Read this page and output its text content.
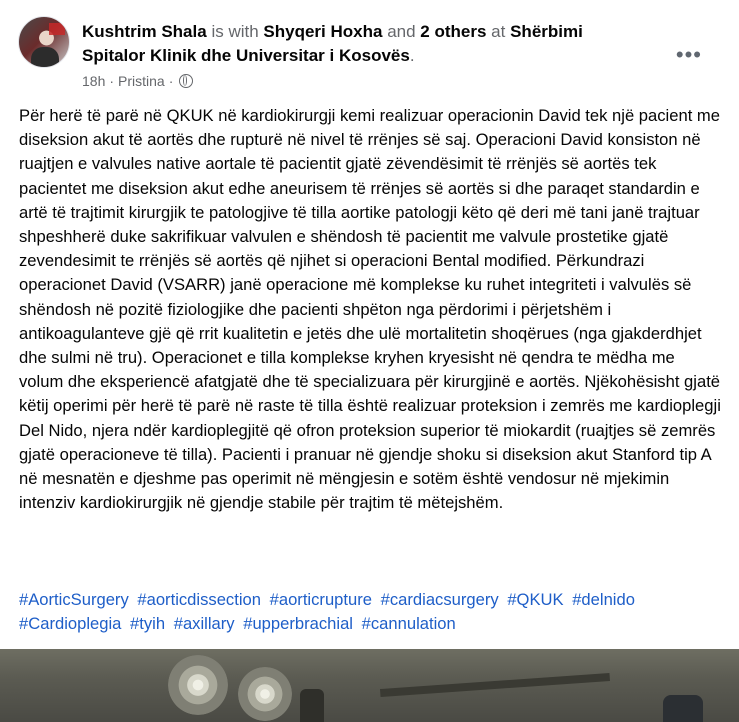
Kushtrim Shala is with Shyqeri Hoxha and 2 others at Shërbimi
Spitalor Klinik dhe Universitar i Kosovës.
18h · Pristina ·
•••
Për herë të parë në QKUK në kardiokirurgji kemi realizuar operacionin David tek një pacient me diseksion akut të aortës dhe rupturë në nivel të rrënjes së saj. Operacioni David konsiston në ruajtjen e valvules native aortale të pacientit gjatë zëvendësimit të rrënjës së aortës tek pacientet me diseksion akut edhe aneurisem të rrënjes së aortës si dhe paraqet standardin e artë të trajtimit kirurgjik te patologjive të tilla aortike patologji këto që deri më tani janë trajtuar shpeshherë duke sakrifikuar valvulen e shëndosh të pacientit me valvule prostetike gjatë zevendesimit te rrënjës së aortës që njihet si operacioni Bental modified. Përkundrazi operacionet David (VSARR) janë operacione më komplekse ku ruhet integriteti i valvulës së shëndosh në pozitë fiziologjike dhe pacienti shpëton nga përdorimi i përjetshëm i antikoagulanteve gjë që rrit kualitetin e jetës dhe ulë mortalitetin shoqërues (nga gjakderdhjet dhe sulmi në tru). Operacionet e tilla komplekse kryhen kryesisht në qendra te mëdha me volum dhe eksperiencë afatgjatë dhe të specializuara për kirurgjinë e aortës. Njëkohësisht gjatë këtij operimi për herë të parë në raste të tilla është realizuar proteksion i zemrës me kardioplegji Del Nido, njera ndër kardioplegjitë që ofron proteksion superior të miokardit (ruajtjes së zemrës gjatë operacioneve të tilla). Pacienti i pranuar në gjendje shoku si diseksion akut Stanford tip A në mesnatën e djeshme pas operimit në mëngjesin e sotëm është vendosur në mjekimin intenziv kardiokirurgjik në gjendje stabile për trajtim të mëtejshëm.
#AorticSurgery #aorticdissection #aorticrupture #cardiacsurgery #QKUK #delnido #Cardioplegia #tyih #axillary #upperbrachial #cannulation
